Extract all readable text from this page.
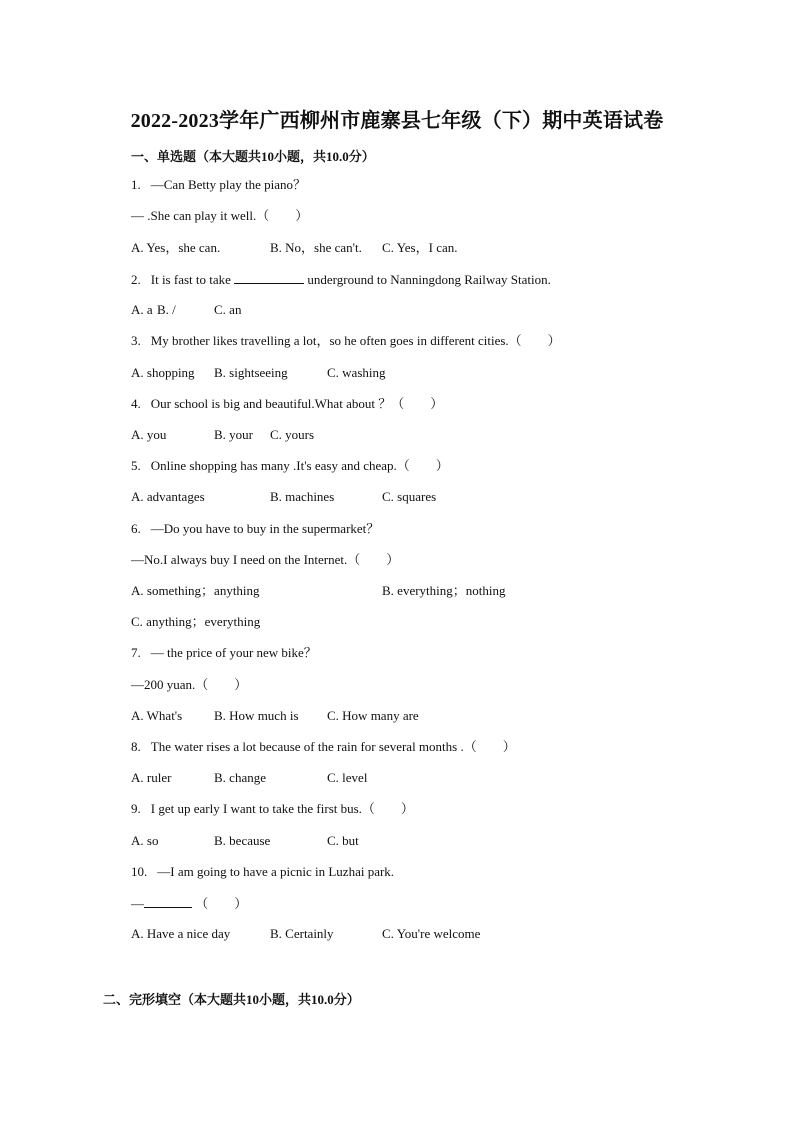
2022-2023学年广西柳州市鹿寨县七年级（下）期中英语试卷
一、单选题（本大题共10小题，共10.0分）
1. —Can Betty play the piano？
— .She can play it well.（　　）
A. Yes，she can.	B. No，she can't. C. Yes，I can.
2. It is fast to take	underground to Nanningdong Railway Station.
A. a B. /	C. an
3. My brother likes travelling a lot，so he often goes in different cities.（　　）
A. shopping B. sightseeing	C. washing
4. Our school is big and beautiful.What about ？（　　）
A. you	B. your C. yours
5. Online shopping has many .It's easy and cheap.（　　）
A. advantages	B. machines	C. squares
6. —Do you have to buy in the supermarket？
—No.I always buy I need on the Internet.（　　）
A. something；anything	B. everything；nothing
C. anything；everything
7. — the price of your new bike？
—200 yuan.（　　）
A. What's B. How much is C. How many are
8. The water rises a lot because of the rain for several months .（　　）
A. ruler	B. change	C. level
9. I get up early I want to take the first bus.（　　）
A. so	B. because	C. but
10. —I am going to have a picnic in Luzhai park.
—	（　　）
A. Have a nice day	B. Certainly	C. You're welcome
二、完形填空（本大题共10小题，共10.0分）
